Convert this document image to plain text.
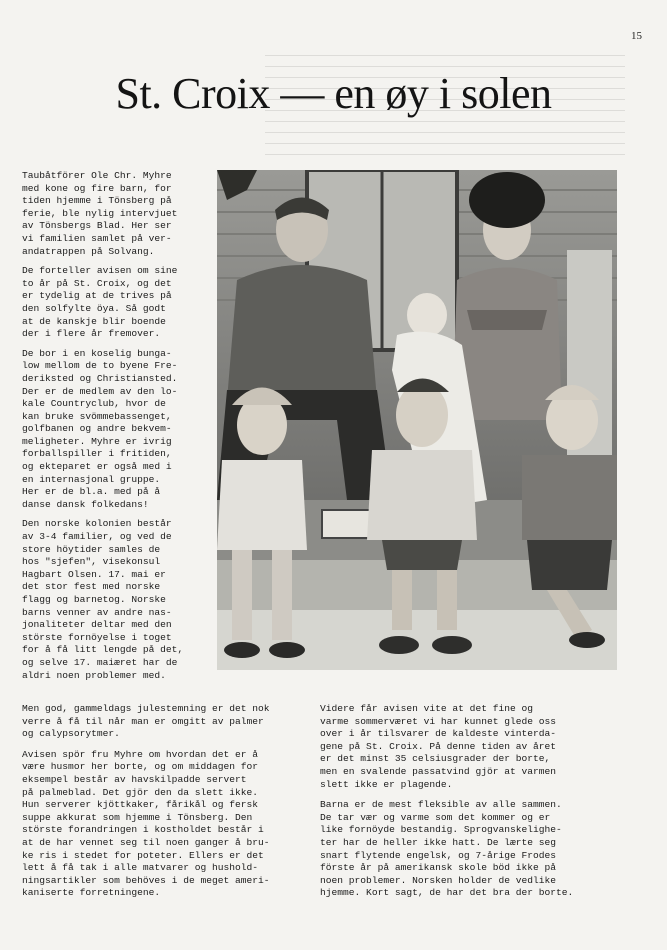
15
St. Croix — en øy i solen

Taubåtförer Ole Chr. Myhre
med kone og fire barn, for
tiden hjemme i Tönsberg på
ferie, ble nylig intervjuet
av Tönsbergs Blad. Her ser
vi familien samlet på ver-
andatrappen på Solvang.

De forteller avisen om sine
to år på St. Croix, og det
er tydelig at de trives på
den solfylte öya. Så godt
at de kanskje blir boende
der i flere år fremover.

De bor i en koselig bunga-
low mellom de to byene Fre-
deriksted og Christiansted.
Der er de medlem av den lo-
kale Countryclub, hvor de
kan bruke svömmebassenget,
golfbanen og andre bekvem-
meligheter. Myhre er ivrig
forballspiller i fritiden,
og ekteparet er også med i
en internasjonal gruppe.
Her er de bl.a. med på å
danse dansk folkedans!

Den norske kolonien består
av 3-4 familier, og ved de
store höytider samles de
hos "sjefen", visekonsul
Hagbart Olsen. 17. mai er
det stor fest med norske
flagg og barnetog. Norske
barns venner av andre nas-
jonaliteter deltar med den
störste fornöyelse i toget
for å få litt lengde på det,
og selve 17. maiæret har de
aldri noen problemer med.

Men god, gammeldags julestemning er det nok
verre å få til når man er omgitt av palmer
og calypsorytmer.

Avisen spör fru Myhre om hvordan det er å
være husmor her borte, og om middagen for
eksempel består av havskilpadde servert
på palmeblad. Det gjör den da slett ikke.
Hun serverer kjöttkaker, fårikål og fersk
suppe akkurat som hjemme i Tönsberg. Den
störste forandringen i kostholdet består i
at de har vennet seg til noen ganger å bru-
ke ris i stedet for poteter. Ellers er det
lett å få tak i alle matvarer og hushold-
ningsartikler som behöves i de meget ameri-
kaniserte forretningene.

Videre får avisen vite at det fine og
varme sommerværet vi har kunnet glede oss
over i år tilsvarer de kaldeste vinterda-
gene på St. Croix. På denne tiden av året
er det minst 35 celsiusgrader der borte,
men en svalende passatvind gjör at varmen
slett ikke er plagende.

Barna er de mest fleksible av alle sammen.
De tar vær og varme som det kommer og er
like fornöyde bestandig. Sprogvanskelighe-
ter har de heller ikke hatt. De lærte seg
snart flytende engelsk, og 7-årige Frodes
förste år på amerikansk skole böd ikke på
noen problemer. Norsken holder de vedlike
hjemme. Kort sagt, de har det bra der borte.
